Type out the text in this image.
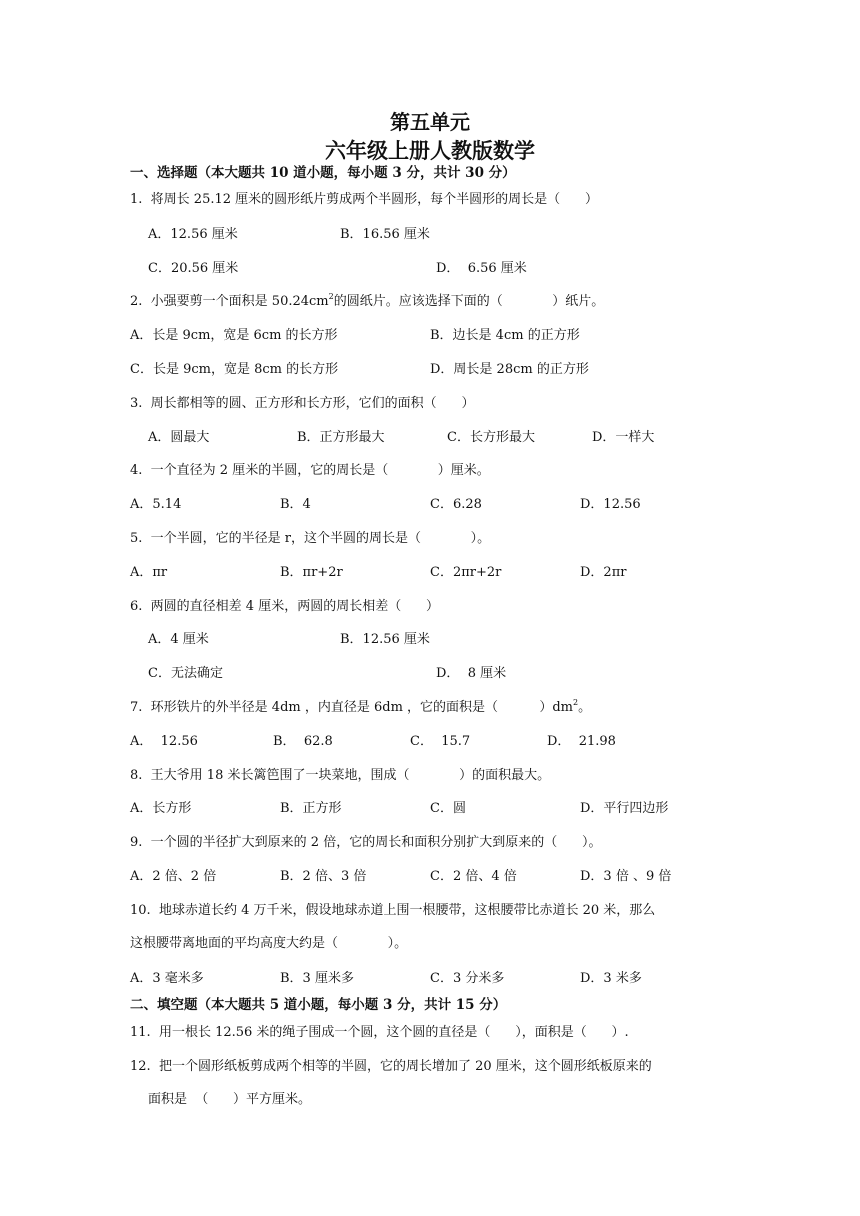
第五单元
六年级上册人教版数学
一、选择题（本大题共 10 道小题，每小题 3 分，共计 30 分）
1.  将周长 25.12 厘米的圆形纸片剪成两个半圆形，每个半圆形的周长是（      ）
A．12.56 厘米	B．16.56 厘米
C．20.56 厘米	D．  6.56 厘米
2.  小强要剪一个面积是 $50.24cm^2$的圆纸片。应该选择下面的（            ）纸片。
A．长是 9cm，宽是 6cm 的长方形	B．边长是 4cm 的正方形
C．长是 9cm，宽是 8cm 的长方形	D．周长是 28cm 的正方形
3.  周长都相等的圆、正方形和长方形，它们的面积（      ）
A．圆最大	B．正方形最大	C．长方形最大	D．一样大
4.  一个直径为 2 厘米的半圆，它的周长是（            ）厘米。
A．5.14	B．4	C．6.28	D．12.56
5.  一个半圆，它的半径是 r，这个半圆的周长是（            ）。
A．πr	B．πr+2r	C．2πr+2r	D．2πr
6.  两圆的直径相差 4 厘米，两圆的周长相差（      ）
A．4 厘米	B．12.56 厘米
C．无法确定	D．  8 厘米
7.  环形铁片的外半径是 4dm ，内直径是 6dm ，它的面积是（          ）$dm^2$。
A．  12.56	B．  62.8	C．  15.7	D．  21.98
8.  王大爷用 18 米长篱笆围了一块菜地，围成（            ）的面积最大。
A．长方形	B．正方形	C．圆	D．平行四边形
9.  一个圆的半径扩大到原来的 2 倍，它的周长和面积分别扩大到原来的（      ）。
A．2 倍、2 倍	B．2 倍、3 倍	C．2 倍、4 倍	D．3 倍 、9 倍
10.  地球赤道长约 4 万千米，假设地球赤道上围一根腰带，这根腰带比赤道长 20 米，那么
这根腰带离地面的平均高度大约是（            ）。
A．3 毫米多	B．3 厘米多	C．3 分米多	D．3 米多
二、填空题（本大题共 5 道小题，每小题 3 分，共计 15 分）
11.  用一根长 12.56 米的绳子围成一个圆，这个圆的直径是（      ），面积是（      ）.
12.  把一个圆形纸板剪成两个相等的半圆，它的周长增加了 20 厘米，这个圆形纸板原来的
面积是  （      ）平方厘米。
